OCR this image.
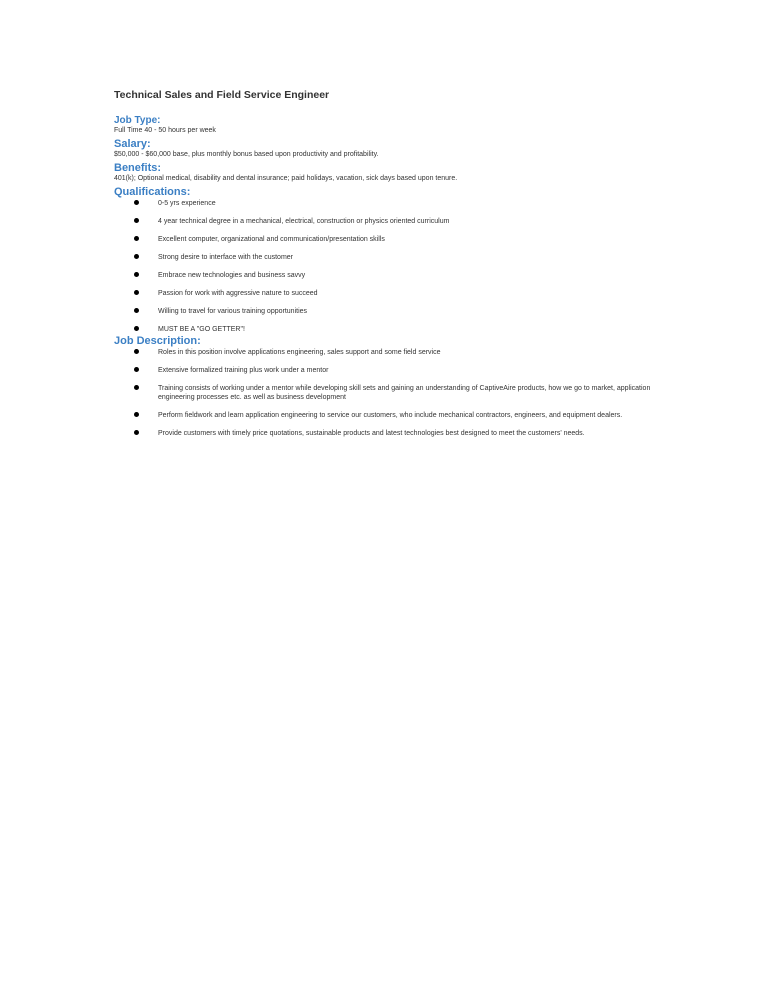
Technical Sales and Field Service Engineer
Job Type:

Full Time 40 - 50 hours per week

Salary:

$50,000 - $60,000 base, plus monthly bonus based upon productivity and profitability.

Benefits:

401(k); Optional medical, disability and dental insurance; paid holidays, vacation, sick days based upon tenure.

Qualifications:
0-5 yrs experience
4 year technical degree in a mechanical, electrical, construction or physics oriented curriculum
Excellent computer, organizational and communication/presentation skills
Strong desire to interface with the customer
Embrace new technologies and business savvy
Passion for work with aggressive nature to succeed
Willing to travel for various training opportunities
MUST BE A "GO GETTER"!
Job Description:
Roles in this position involve applications engineering, sales support and some field service
Extensive formalized training plus work under a mentor
Training consists of working under a mentor while developing skill sets and gaining an understanding of CaptiveAire products, how we go to market, application engineering processes etc. as well as business development
Perform fieldwork and learn application engineering to service our customers, who include mechanical contractors, engineers, and equipment dealers.
Provide customers with timely price quotations, sustainable products and latest technologies best designed to meet the customers' needs.
